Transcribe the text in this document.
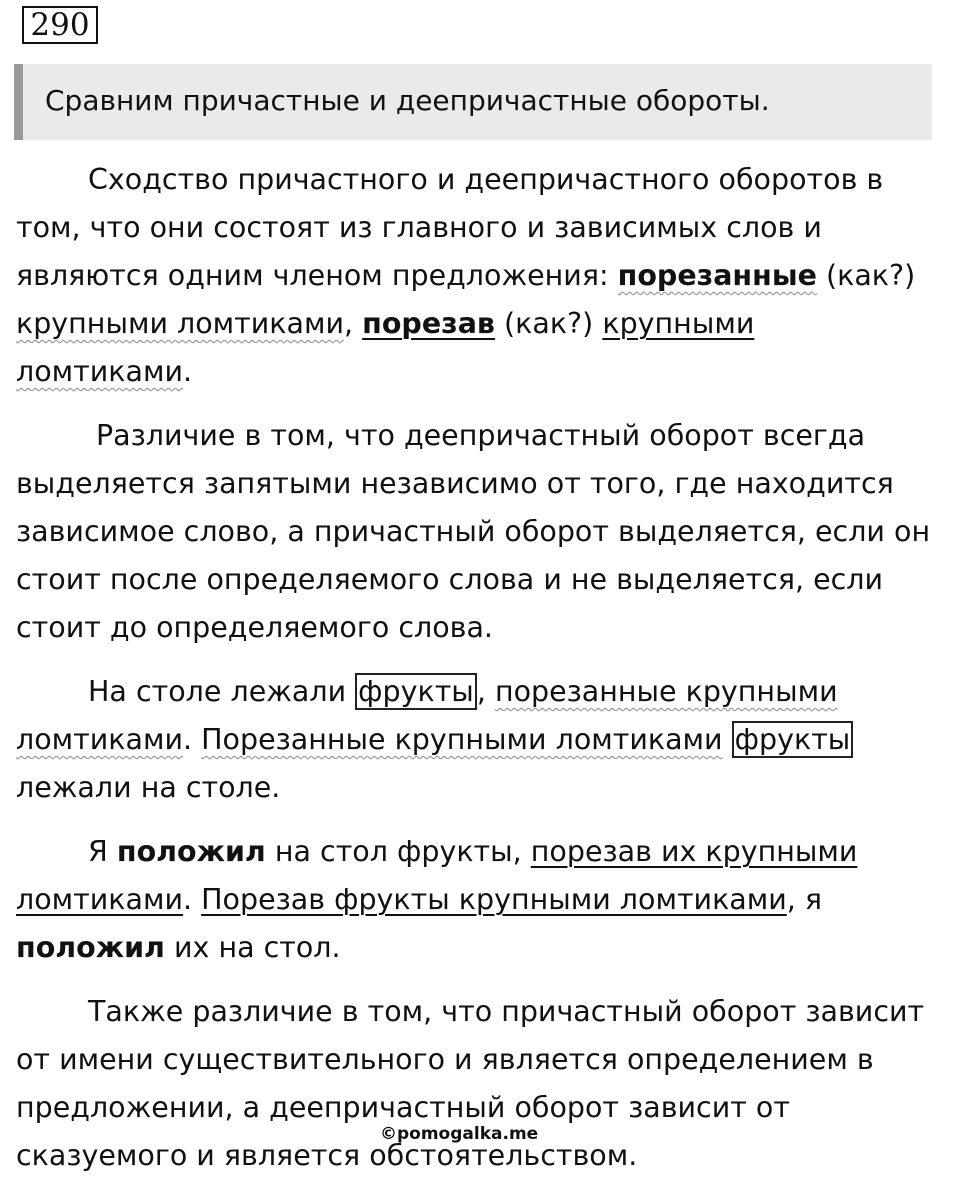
290
Сравним причастные и деепричастные обороты.
Сходство причастного и деепричастного оборотов в
том, что они состоят из главного и зависимых слов и
являются одним членом предложения: порезанные (как?)
крупными ломтиками, порезав (как?) крупными
ломтиками.
Различие в том, что деепричастный оборот всегда
выделяется запятыми независимо от того, где находится
зависимое слово, а причастный оборот выделяется, если он
стоит после определяемого слова и не выделяется, если
стоит до определяемого слова.
На столе лежали фрукты , порезанные крупными
ломтиками. Порезанные крупными ломтиками фрукты
лежали на столе.
Я положил на стол фрукты, порезав их крупными
ломтиками. Порезав фрукты крупными ломтиками, я
положил их на стол.
Также различие в том, что причастный оборот зависит
от имени существительного и является определением в
предложении, а деепричастный оборот зависит от
сказуемого и является обстоятельством.
©pomogalka.me
